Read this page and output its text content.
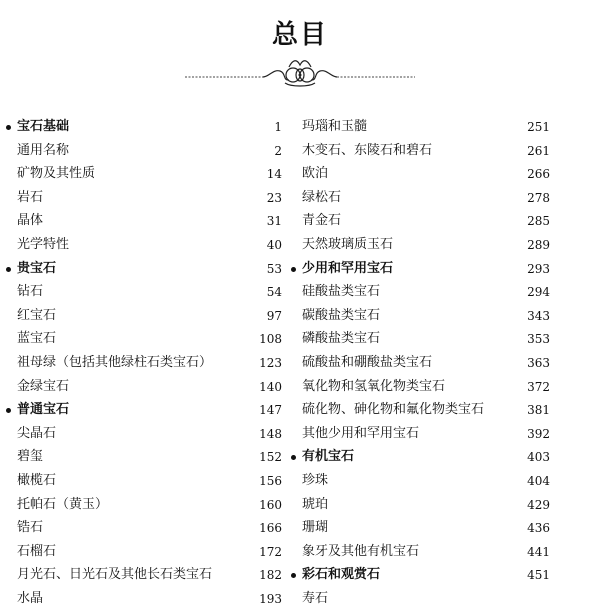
总目
宝石基础	1
通用名称	2
矿物及其性质	14
岩石	23
晶体	31
光学特性	40
贵宝石	53
钻石	54
红宝石	97
蓝宝石	108
祖母绿（包括其他绿柱石类宝石）	123
金绿宝石	140
普通宝石	147
尖晶石	148
碧玺	152
橄榄石	156
托帕石（黄玉）	160
锆石	166
石榴石	172
月光石、日光石及其他长石类宝石	182
水晶	193
玛瑙和玉髓	251
木变石、东陵石和碧石	261
欧泊	266
绿松石	278
青金石	285
天然玻璃质玉石	289
少用和罕用宝石	293
硅酸盐类宝石	294
碳酸盐类宝石	343
磷酸盐类宝石	353
硫酸盐和硼酸盐类宝石	363
氧化物和氢氧化物类宝石	372
硫化物、砷化物和氟化物类宝石	381
其他少用和罕用宝石	392
有机宝石	403
珍珠	404
琥珀	429
珊瑚	436
象牙及其他有机宝石	441
彩石和观赏石	451
寿石
